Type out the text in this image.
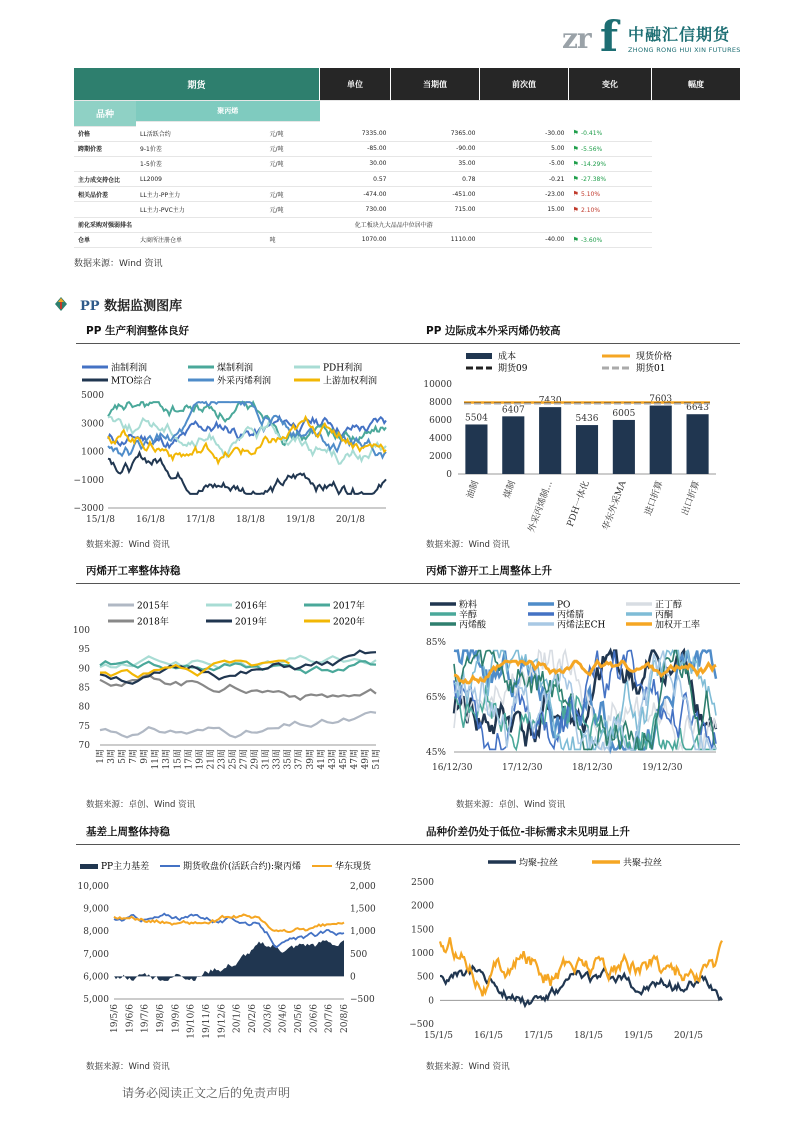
zr f 中融汇信期货
ZHONG RONG HUI XIN FUTURES
期货			单位	当期值	前次值	变化	幅度
品种	聚丙烯						

价格	LL活跃合约	元/吨	7335.00	7365.00	-30.00	⚑ -0.41%	
跨期价差	9-1价差	元/吨	-85.00	-90.00	5.00	⚑ -5.56%	
	1-5价差	元/吨	30.00	35.00	-5.00	⚑ -14.29%	
主力成交持仓比	LL2009		0.57	0.78	-0.21	⚑ -27.38%	
相关品价差	LL主力-PP主力	元/吨	-474.00	-451.00	-23.00	⚑ 5.10%	
	LL主力-PVC主力	元/吨	730.00	715.00	15.00	⚑ 2.10%	
前化采购对强弱排名	化工板块九大品品中位居中游						
仓单	大商所注册仓单	吨	1070.00	1110.00	-40.00	⚑ -3.60%	
数据来源：Wind 资讯
PP 数据监测图库
PP 生产利润整体良好	PP 边际成本外采丙烯仍较高
丙烯开工率整体持稳	丙烯下游开工上周整体上升
基差上周整体持稳	品种价差仍处于低位-非标需求未见明显上升
油制利润	煤制利润	PDH利润
MTO综合	外采丙烯利润	上游加权利润
5000
3000
1000
−1000
−3000
15/1/8 16/1/8 17/1/8 18/1/8 19/1/8 20/1/8
成本	现货价格
期货09	期货01
10000
8000
6000
4000
2000
0
5504
油制
6407
煤制
7430
外采丙烯制…
5436
PDH一体化
6005
华东外采MA
7603
进口折算
6643
出口折算
2015年	2016年	2017年
2018年	2019年	2020年
100
95
90
85
80
75
70
1周 3周 5周 7周 9周 11周 13周 15周 17周 19周 21周 23周 25周 27周 29周 31周 33周 35周 37周 39周 41周 43周 45周 47周 49周 51周
粉料	PO	正丁醇
辛醇	丙烯腈	丙酮
丙烯酸	丙烯法ECH	加权开工率
85%
65%
45%
16/12/30	17/12/30	18/12/30	19/12/30
PP主力基差	期货收盘价(活跃合约):聚丙烯	华东现货
10,000
9,000
8,000
7,000
6,000
5,000
2,000
1,500
1,000
500
0
−500
19/5/6 19/6/6 19/7/6 19/8/6 19/9/6 19/10/6 19/11/6 19/12/6 20/1/6 20/2/6 20/3/6 20/4/6 20/5/6 20/6/6 20/7/6 20/8/6
均聚-拉丝	共聚-拉丝
2500
2000
1500
1000
500
0
−500
15/1/5 16/1/5 17/1/5 18/1/5 19/1/5 20/1/5
数据来源：Wind 资讯	数据来源：Wind 资讯
数据来源：卓创、Wind 资讯	数据来源：卓创、Wind 资讯
数据来源：Wind 资讯	数据来源：Wind 资讯
请务必阅读正文之后的免责声明
